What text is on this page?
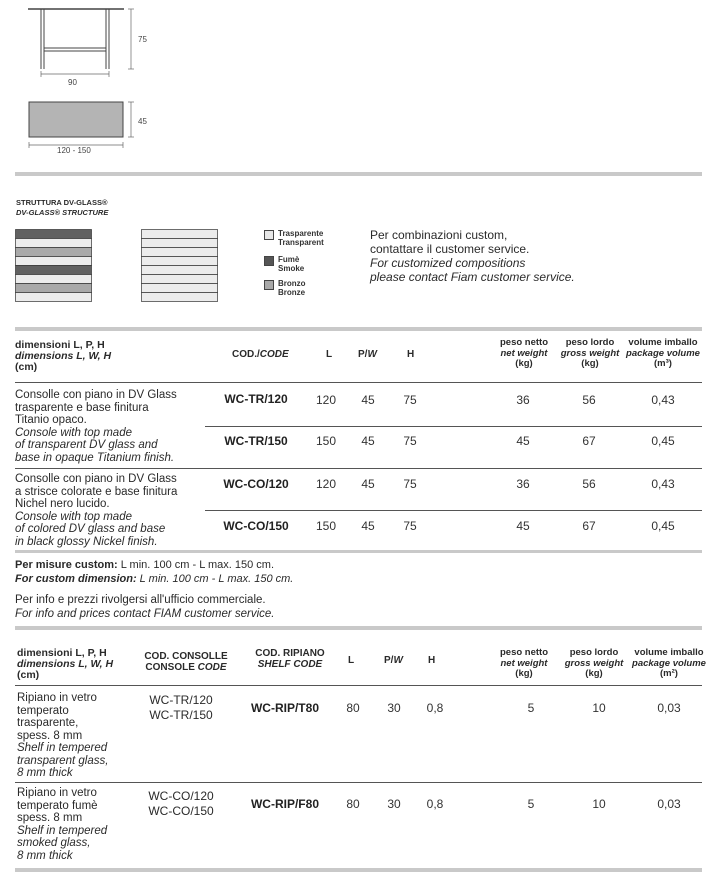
75
90
45
120 - 150
STRUTTURA DV-GLASS®
DV-GLASS® STRUCTURE
Trasparente
Transparent
Fumè
Smoke
Bronzo
Bronze
Per combinazioni custom,
contattare il customer service.
For customized compositions
please contact Fiam customer service.
dimensioni L, P, H
dimensions L, W, H
(cm)
COD./CODE	L	P/W	H
peso netto
net weight
(kg)
peso lordo
gross weight
(kg)
volume imballo
package volume
(m³)
Consolle con piano in DV Glass
trasparente e base finitura
Titanio opaco.
Console with top made
of transparent DV glass and
base in opaque Titanium finish.
WC-TR/120	120	45	75	36	56	0,43
WC-TR/150	150	45	75	45	67	0,45
Consolle con piano in DV Glass
a strisce colorate e base finitura
Nichel nero lucido.
Console with top made
of colored DV glass and base
in black glossy Nickel finish.
WC-CO/120	120	45	75	36	56	0,43
WC-CO/150	150	45	75	45	67	0,45
Per misure custom: L min. 100 cm - L max. 150 cm.
For custom dimension: L min. 100 cm - L max. 150 cm.
Per info e prezzi rivolgersi all'ufficio commerciale.
For info and prices contact FIAM customer service.
dimensioni L, P, H
dimensions L, W, H
(cm)
COD. CONSOLLE
CONSOLE CODE
COD. RIPIANO
SHELF CODE	L	P/W	H
peso netto
net weight
(kg)
peso lordo
gross weight
(kg)
volume imballo
package volume
(m²)
Ripiano in vetro
temperato
trasparente,
spess. 8 mm
Shelf in tempered
transparent glass,
8 mm thick
WC-TR/120
WC-TR/150	WC-RIP/T80	80	30	0,8	5	10	0,03
Ripiano in vetro
temperato fumè
spess. 8 mm
Shelf in tempered
smoked glass,
8 mm thick
WC-CO/120
WC-CO/150	WC-RIP/F80	80	30	0,8	5	10	0,03
